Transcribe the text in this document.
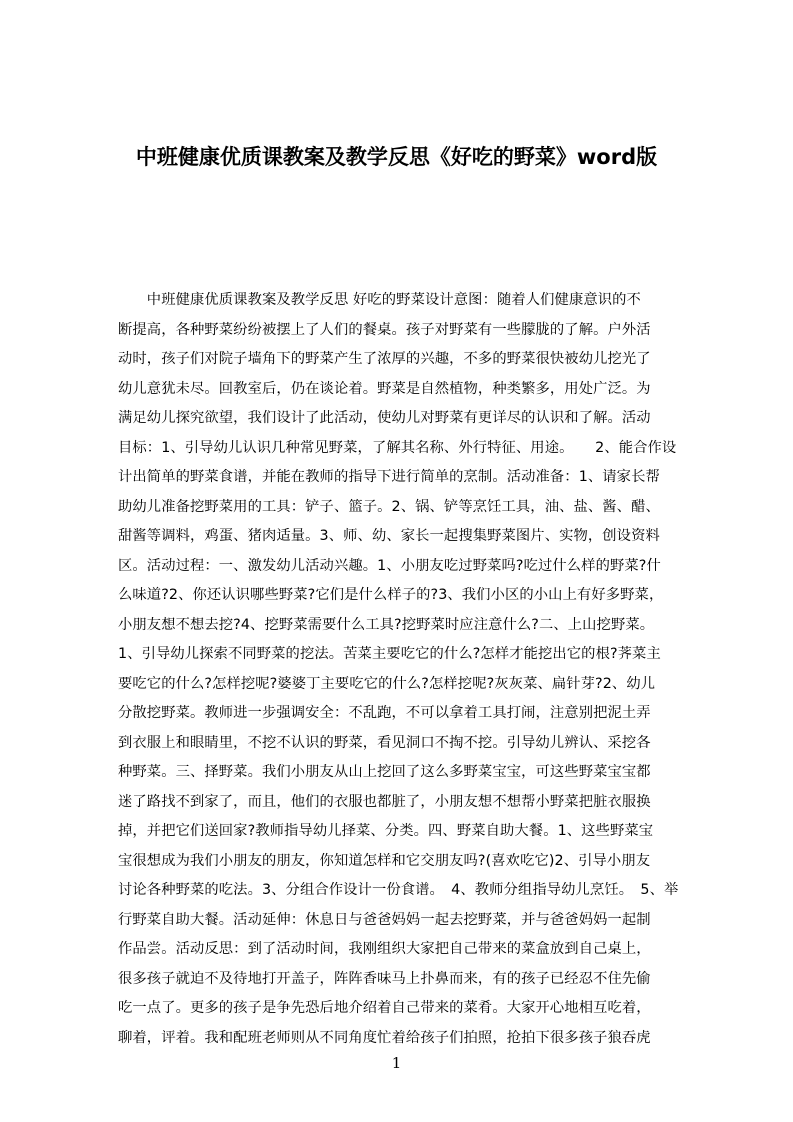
中班健康优质课教案及教学反思《好吃的野菜》word版
　　中班健康优质课教案及教学反思 好吃的野菜设计意图：随着人们健康意识的不
断提高，各种野菜纷纷被摆上了人们的餐桌。孩子对野菜有一些朦胧的了解。户外活
动时，孩子们对院子墙角下的野菜产生了浓厚的兴趣，不多的野菜很快被幼儿挖光了
幼儿意犹未尽。回教室后，仍在谈论着。野菜是自然植物，种类繁多，用处广泛。为
满足幼儿探究欲望，我们设计了此活动，使幼儿对野菜有更详尽的认识和了解。活动
目标：1、引导幼儿认识几种常见野菜，了解其名称、外行特征、用途。　　2、能合作设
计出简单的野菜食谱，并能在教师的指导下进行简单的烹制。活动准备：1、请家长帮
助幼儿准备挖野菜用的工具：铲子、篮子。2、锅、铲等烹饪工具，油、盐、酱、醋、
甜酱等调料，鸡蛋、猪肉适量。3、师、幼、家长一起搜集野菜图片、实物，创设资料
区。活动过程：一、激发幼儿活动兴趣。1、小朋友吃过野菜吗?吃过什么样的野菜?什
么味道?2、你还认识哪些野菜?它们是什么样子的?3、我们小区的小山上有好多野菜，
小朋友想不想去挖?4、挖野菜需要什么工具?挖野菜时应注意什么?二、上山挖野菜。
1、引导幼儿探索不同野菜的挖法。苦菜主要吃它的什么?怎样才能挖出它的根?荠菜主
要吃它的什么?怎样挖呢?婆婆丁主要吃它的什么?怎样挖呢?灰灰菜、扁针芽?2、幼儿
分散挖野菜。教师进一步强调安全：不乱跑，不可以拿着工具打闹，注意别把泥土弄
到衣服上和眼睛里，不挖不认识的野菜，看见洞口不掏不挖。引导幼儿辨认、采挖各
种野菜。三、择野菜。我们小朋友从山上挖回了这么多野菜宝宝，可这些野菜宝宝都
迷了路找不到家了，而且，他们的衣服也都脏了，小朋友想不想帮小野菜把脏衣服换
掉，并把它们送回家?教师指导幼儿择菜、分类。四、野菜自助大餐。1、这些野菜宝
宝很想成为我们小朋友的朋友，你知道怎样和它交朋友吗?(喜欢吃它)2、引导小朋友
讨论各种野菜的吃法。3、分组合作设计一份食谱。　4、教师分组指导幼儿烹饪。　5、举
行野菜自助大餐。活动延伸：休息日与爸爸妈妈一起去挖野菜，并与爸爸妈妈一起制
作品尝。活动反思：到了活动时间，我刚组织大家把自己带来的菜盒放到自己桌上，
很多孩子就迫不及待地打开盖子，阵阵香味马上扑鼻而来，有的孩子已经忍不住先偷
吃一点了。更多的孩子是争先恐后地介绍着自己带来的菜肴。大家开心地相互吃着，
聊着，评着。我和配班老师则从不同角度忙着给孩子们拍照，抢拍下很多孩子狼吞虎
1
